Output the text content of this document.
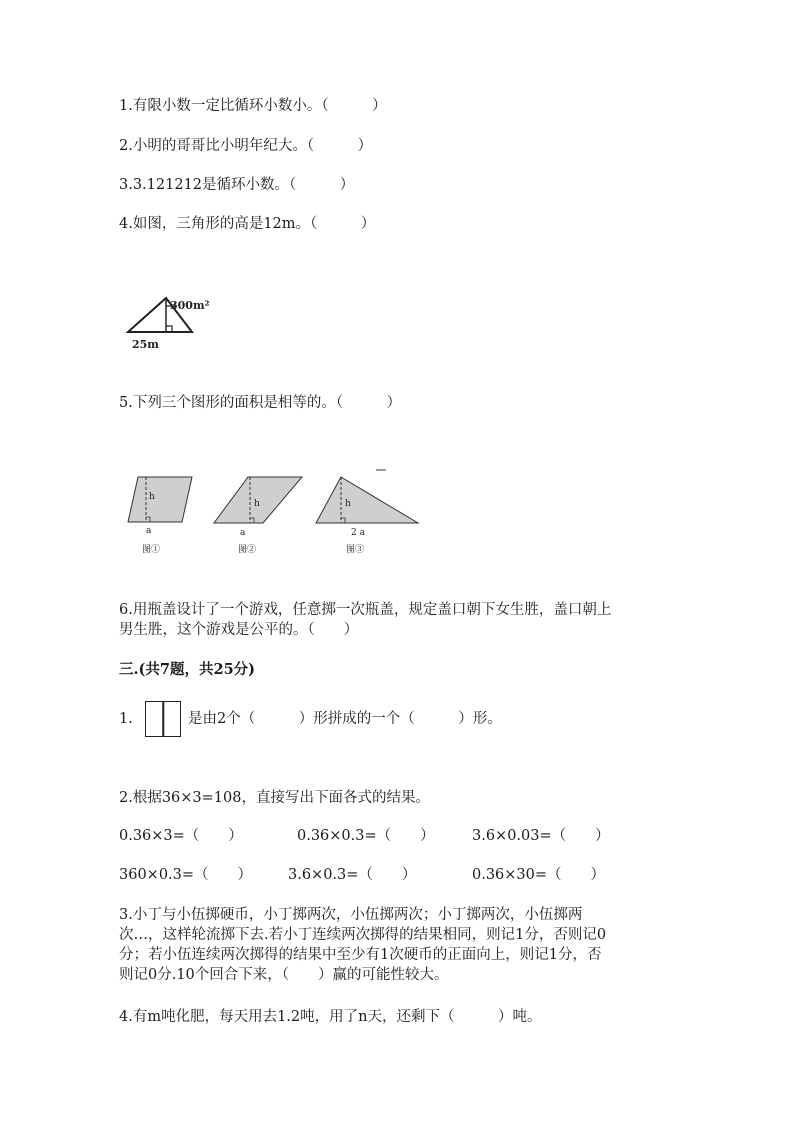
1.有限小数一定比循环小数小。（　　　）
2.小明的哥哥比小明年纪大。（　　　）
3.3.121212是循环小数。（　　　）
4.如图，三角形的高是12m。（　　　）
300m²
25m
5.下列三个图形的面积是相等的。（　　　）
h
a
图①
h
a
图②
h
2 a
图③
6.用瓶盖设计了一个游戏，任意掷一次瓶盖，规定盖口朝下女生胜，盖口朝上
男生胜，这个游戏是公平的。（　　）
三.(共7题，共25分)
1.	是由2个（　　　）形拼成的一个（　　　）形。
2.根据36×3=108，直接写出下面各式的结果。
0.36×3=（　　）	0.36×0.3=（　　）	3.6×0.03=（　　）
360×0.3=（　　） 3.6×0.3=（　　）	0.36×30=（　　）
3.小丁与小伍掷硬币，小丁掷两次，小伍掷两次；小丁掷两次，小伍掷两
次…，这样轮流掷下去.若小丁连续两次掷得的结果相同，则记1分，否则记0
分；若小伍连续两次掷得的结果中至少有1次硬币的正面向上，则记1分，否
则记0分.10个回合下来，（　　）赢的可能性较大。
4.有m吨化肥，每天用去1.2吨，用了n天，还剩下（　　　）吨。
